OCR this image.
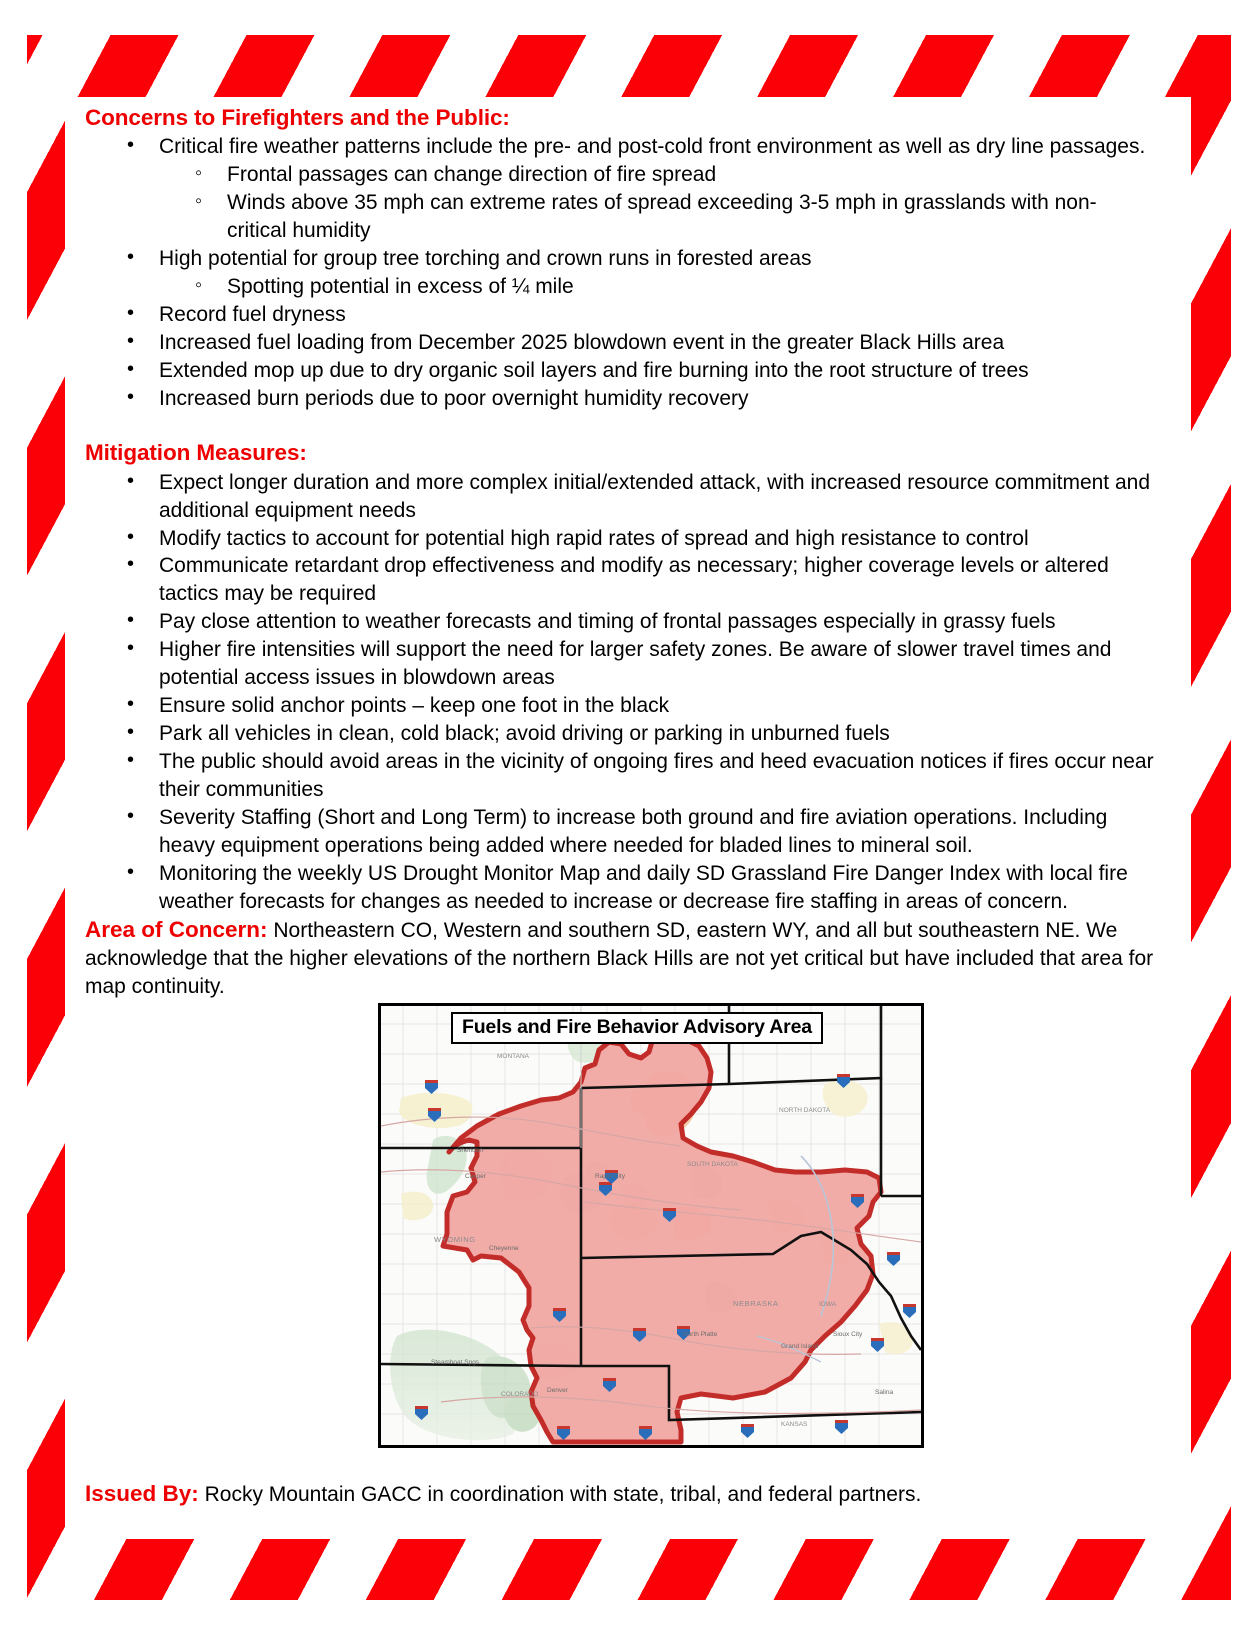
Concerns to Firefighters and the Public:
• Critical fire weather patterns include the pre- and post-cold front environment as well as dry line passages.
◦ Frontal passages can change direction of fire spread
◦ Winds above 35 mph can extreme rates of spread exceeding 3-5 mph in grasslands with non-critical humidity
• High potential for group tree torching and crown runs in forested areas
◦ Spotting potential in excess of ¼ mile
• Record fuel dryness
• Increased fuel loading from December 2025 blowdown event in the greater Black Hills area
• Extended mop up due to dry organic soil layers and fire burning into the root structure of trees
• Increased burn periods due to poor overnight humidity recovery
Mitigation Measures:
• Expect longer duration and more complex initial/extended attack, with increased resource commitment and additional equipment needs
• Modify tactics to account for potential high rapid rates of spread and high resistance to control
• Communicate retardant drop effectiveness and modify as necessary; higher coverage levels or altered tactics may be required
• Pay close attention to weather forecasts and timing of frontal passages especially in grassy fuels
• Higher fire intensities will support the need for larger safety zones. Be aware of slower travel times and potential access issues in blowdown areas
• Ensure solid anchor points – keep one foot in the black
• Park all vehicles in clean, cold black; avoid driving or parking in unburned fuels
• The public should avoid areas in the vicinity of ongoing fires and heed evacuation notices if fires occur near their communities
• Severity Staffing (Short and Long Term) to increase both ground and fire aviation operations. Including heavy equipment operations being added where needed for bladed lines to mineral soil.
• Monitoring the weekly US Drought Monitor Map and daily SD Grassland Fire Danger Index with local fire weather forecasts for changes as needed to increase or decrease fire staffing in areas of concern.

Area of Concern: Northeastern CO, Western and southern SD, eastern WY, and all but southeastern NE. We acknowledge that the higher elevations of the northern Black Hills are not yet critical but have included that area for map continuity.

WYOMING
NEBRASKA
SOUTH DAKOTA
NORTH DAKOTA
MONTANA
IOWA
KANSAS
COLORADO
Rapid City
Cheyenne
Denver
North Platte
Grand Island
Sheridan
Casper
Steamboat Spgs
Sioux City
Salina
Fuels and Fire Behavior Advisory Area
Issued By: Rocky Mountain GACC in coordination with state, tribal, and federal partners.
